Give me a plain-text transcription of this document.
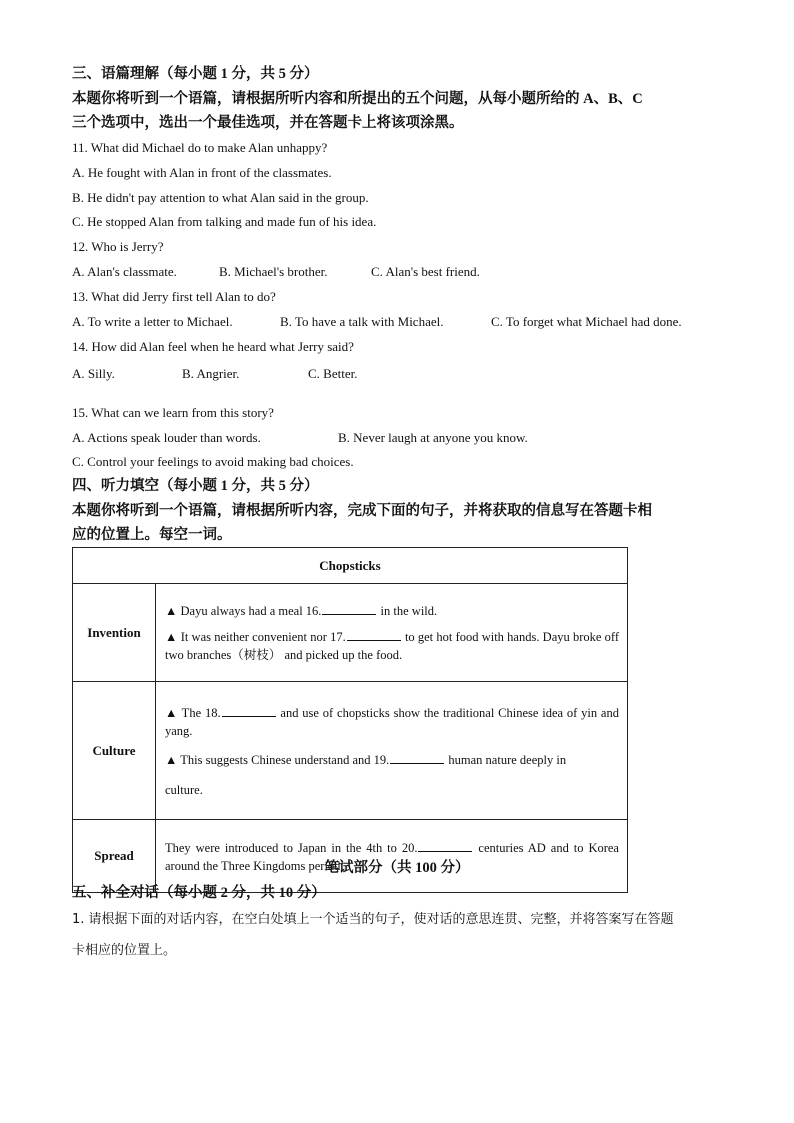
三、语篇理解（每小题 1 分，共 5 分）
本题你将听到一个语篇，请根据所听内容和所提出的五个问题，从每小题所给的 A、B、C
三个选项中，选出一个最佳选项，并在答题卡上将该项涂黑。
11. What did Michael do to make Alan unhappy?
A. He fought with Alan in front of the classmates.
B. He didn't pay attention to what Alan said in the group.
C. He stopped Alan from talking and made fun of his idea.
12. Who is Jerry?
A. Alan's classmate.	B. Michael's brother.	C. Alan's best friend.
13. What did Jerry first tell Alan to do?
A. To write a letter to Michael.	B. To have a talk with Michael.	C. To forget what Michael had done.
14. How did Alan feel when he heard what Jerry said?
A. Silly.	B. Angrier.	C. Better.
15. What can we learn from this story?
A. Actions speak louder than words.	B. Never laugh at anyone you know.
C. Control your feelings to avoid making bad choices.
四、听力填空（每小题 1 分，共 5 分）
本题你将听到一个语篇，请根据所听内容，完成下面的句子，并将获取的信息写在答题卡相
应的位置上。每空一词。
Chopsticks	
Invention	▲ Dayu always had a meal 16. in the wild.

▲ It was neither convenient nor 17. to get hot food with hands. Dayu broke off two branches（树枝） and picked up the food.

Culture	▲ The 18. and use of chopsticks show the traditional Chinese idea of yin and yang.

▲ This suggests Chinese understand and 19. human nature deeply in

culture.

Spread	They were introduced to Japan in the 4th to 20. centuries AD and to Korea around the Three Kingdoms period.

笔试部分（共 100 分）
五、补全对话（每小题 2 分，共 10 分）
1. 请根据下面的对话内容，在空白处填上一个适当的句子，使对话的意思连贯、完整，并将答案写在答题
卡相应的位置上。
